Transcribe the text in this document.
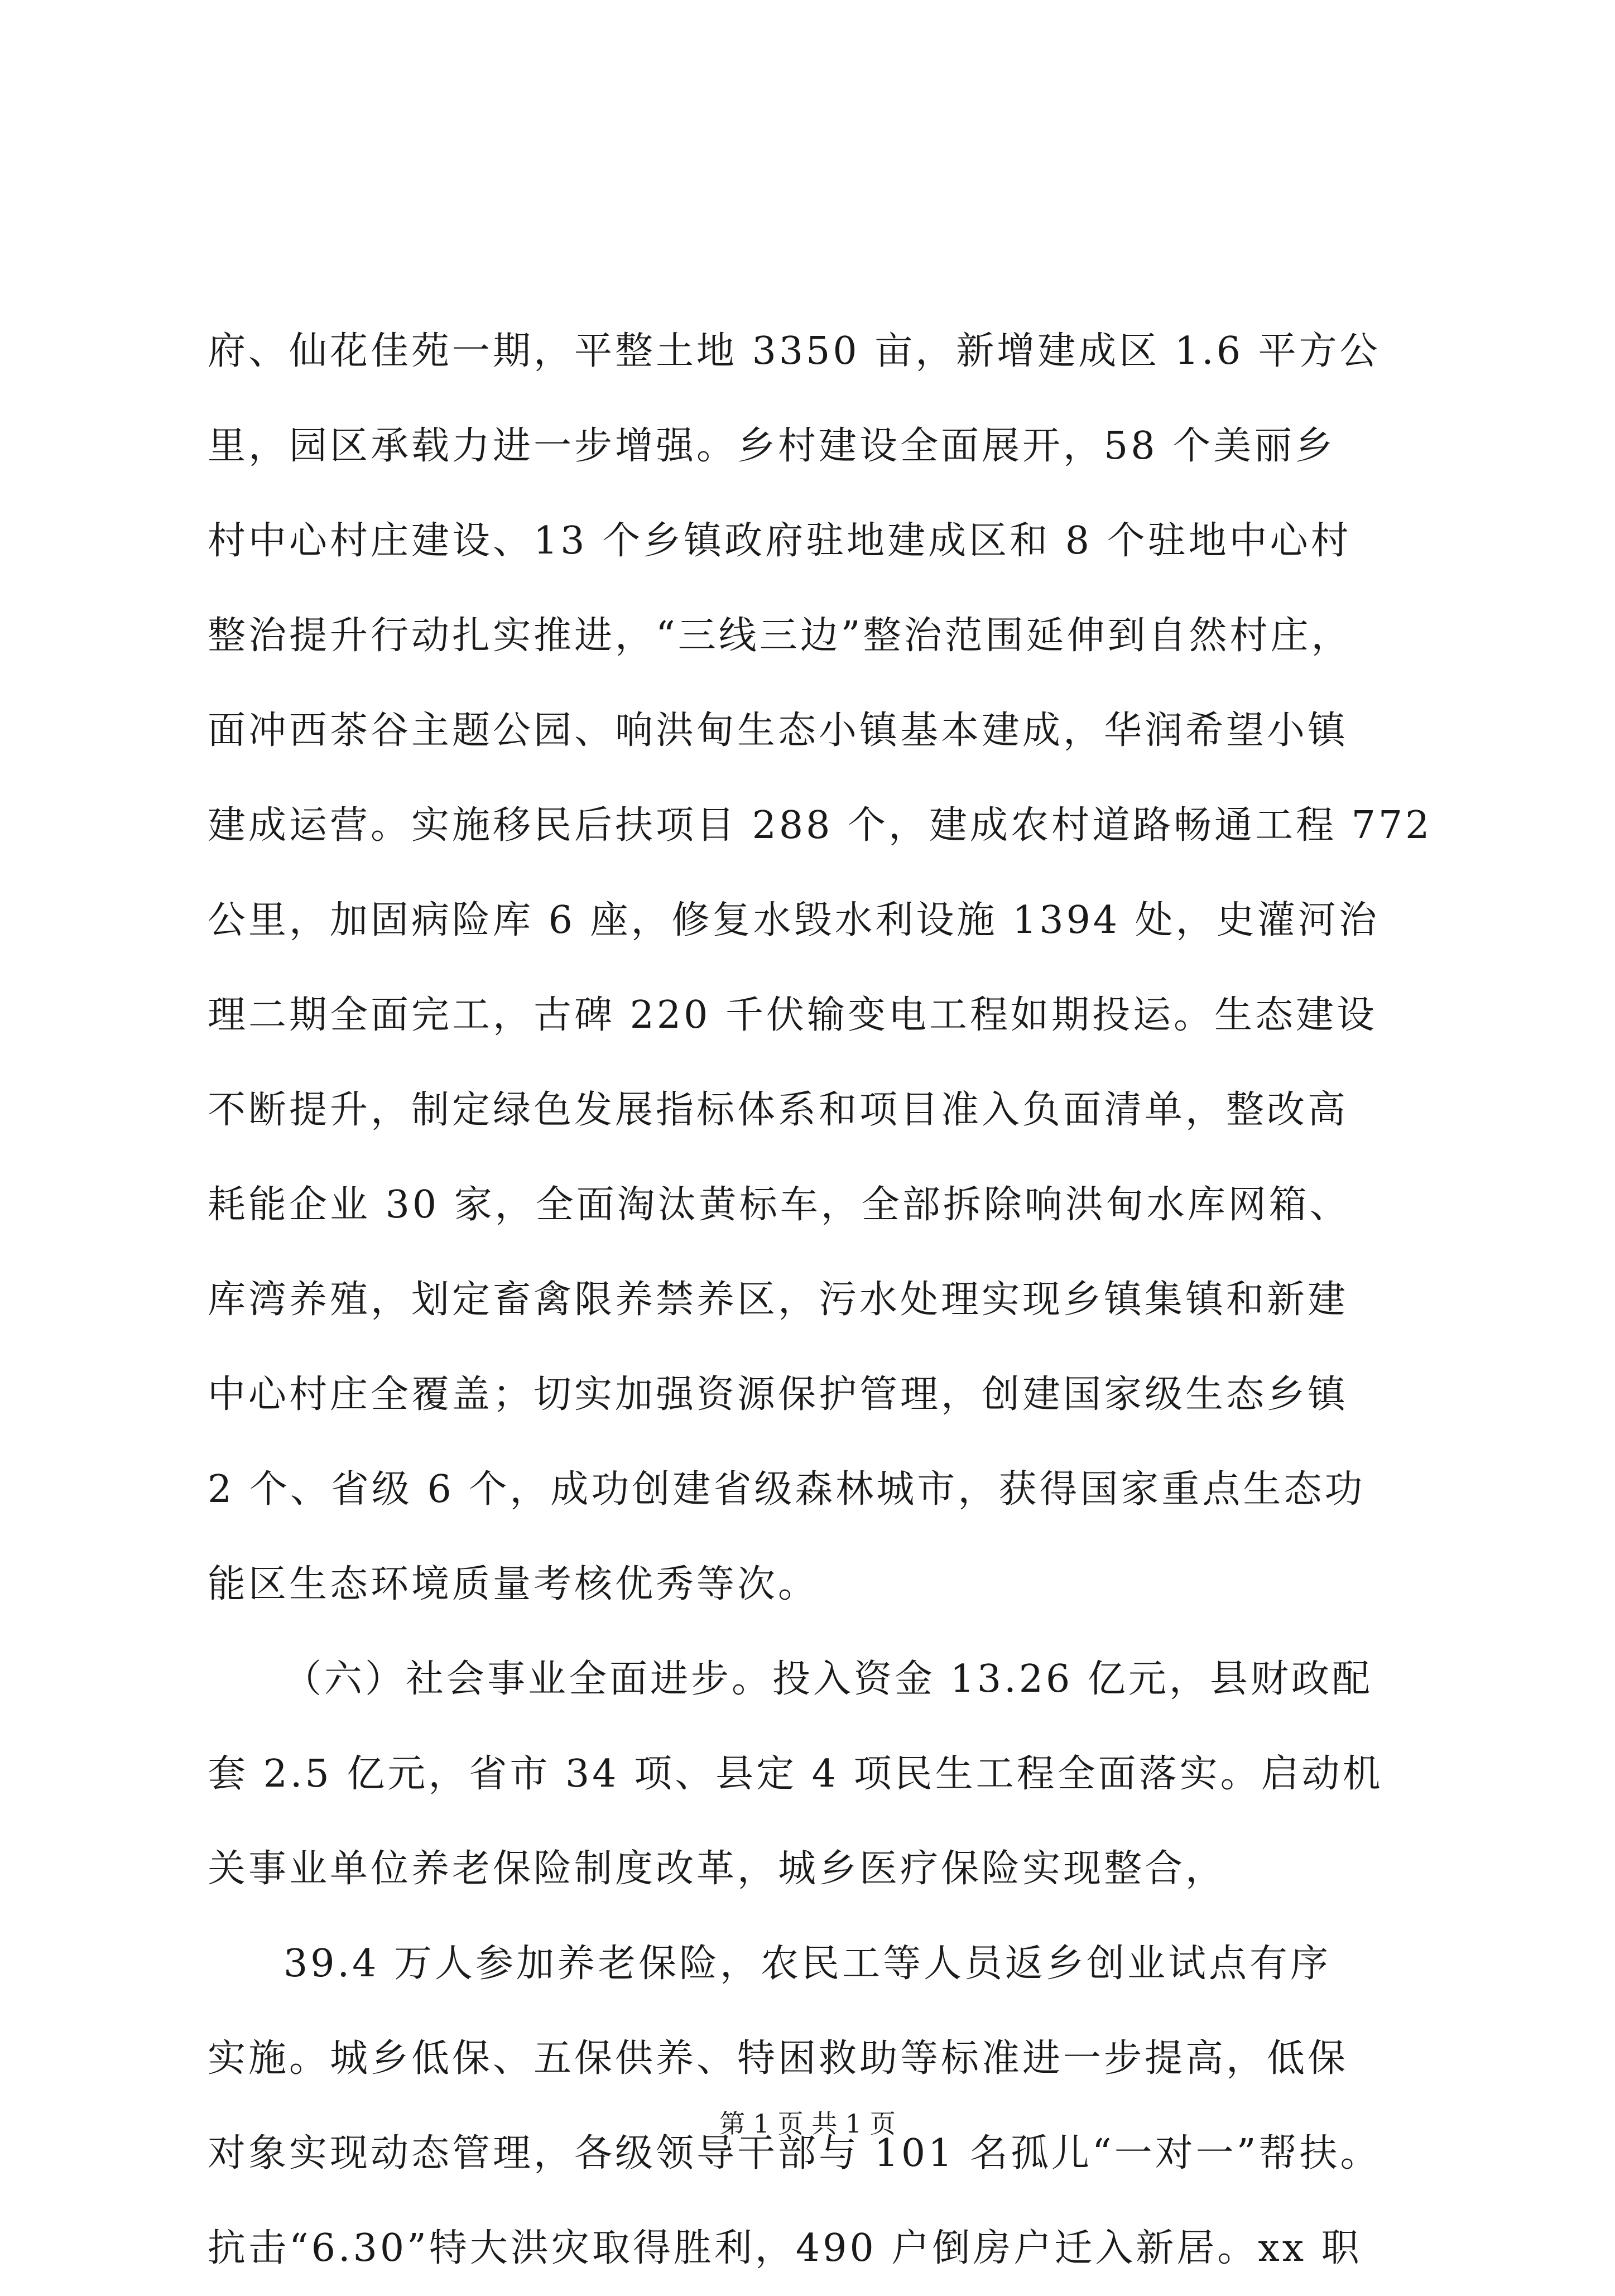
府、仙花佳苑一期，平整土地 3350 亩，新增建成区 1.6 平方公
里，园区承载力进一步增强。乡村建设全面展开，58 个美丽乡
村中心村庄建设、13 个乡镇政府驻地建成区和 8 个驻地中心村
整治提升行动扎实推进，“三线三边”整治范围延伸到自然村庄，
面冲西茶谷主题公园、响洪甸生态小镇基本建成，华润希望小镇
建成运营。实施移民后扶项目 288 个，建成农村道路畅通工程 772
公里，加固病险库 6 座，修复水毁水利设施 1394 处，史灌河治
理二期全面完工，古碑 220 千伏输变电工程如期投运。生态建设
不断提升，制定绿色发展指标体系和项目准入负面清单，整改高
耗能企业 30 家，全面淘汰黄标车，全部拆除响洪甸水库网箱、
库湾养殖，划定畜禽限养禁养区，污水处理实现乡镇集镇和新建
中心村庄全覆盖；切实加强资源保护管理，创建国家级生态乡镇
2 个、省级 6 个，成功创建省级森林城市，获得国家重点生态功
能区生态环境质量考核优秀等次。
（六）社会事业全面进步。投入资金 13.26 亿元，县财政配
套 2.5 亿元，省市 34 项、县定 4 项民生工程全面落实。启动机
关事业单位养老保险制度改革，城乡医疗保险实现整合，
39.4 万人参加养老保险，农民工等人员返乡创业试点有序
实施。城乡低保、五保供养、特困救助等标准进一步提高，低保
对象实现动态管理，各级领导干部与 101 名孤儿“一对一”帮扶。
抗击“6.30”特大洪灾取得胜利，490 户倒房户迁入新居。xx 职
第 1 页 共 1 页
